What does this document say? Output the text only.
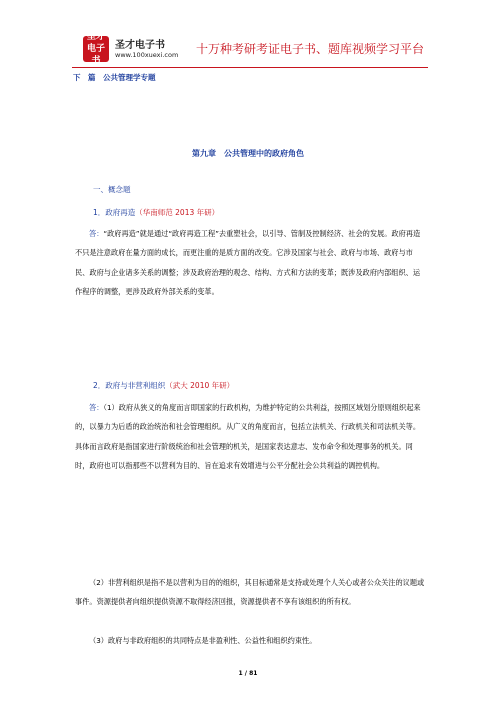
圣才
电子书
圣才电子书
www.100xuexi.com 十万种考研考证电子书、题库视频学习平台
下　篇　公共管理学专题
第九章　公共管理中的政府角色
一、概念题
1．政府再造（华南师范 2013 年研）

答：“政府再造”就是通过“政府再造工程”去重塑社会，以引导、管制及控制经济、社会的发展。政府再造不只是注意政府在量方面的成长，而更注重的是质方面的改变。它涉及国家与社会、政府与市场、政府与市民、政府与企业诸多关系的调整；涉及政府治理的观念、结构、方式和方法的变革；既涉及政府内部组织、运作程序的调整，更涉及政府外部关系的变革。

2．政府与非营利组织（武大 2010 年研）

答：（1）政府从狭义的角度而言即国家的行政机构，为维护特定的公共利益，按照区域划分原则组织起来的，以暴力为后盾的政治统治和社会管理组织。从广义的角度而言，包括立法机关、行政机关和司法机关等。具体而言政府是指国家进行阶级统治和社会管理的机关，是国家表达意志、发布命令和处理事务的机关。同时，政府也可以指那些不以营利为目的、旨在追求有效增进与公平分配社会公共利益的调控机构。

（2）非营利组织是指不是以营利为目的的组织，其目标通常是支持或处理个人关心或者公众关注的议题或事件。资源提供者向组织提供资源不取得经济回报，资源提供者不享有该组织的所有权。

（3）政府与非政府组织的共同特点是非盈利性、公益性和组织约束性。

1 / 81
